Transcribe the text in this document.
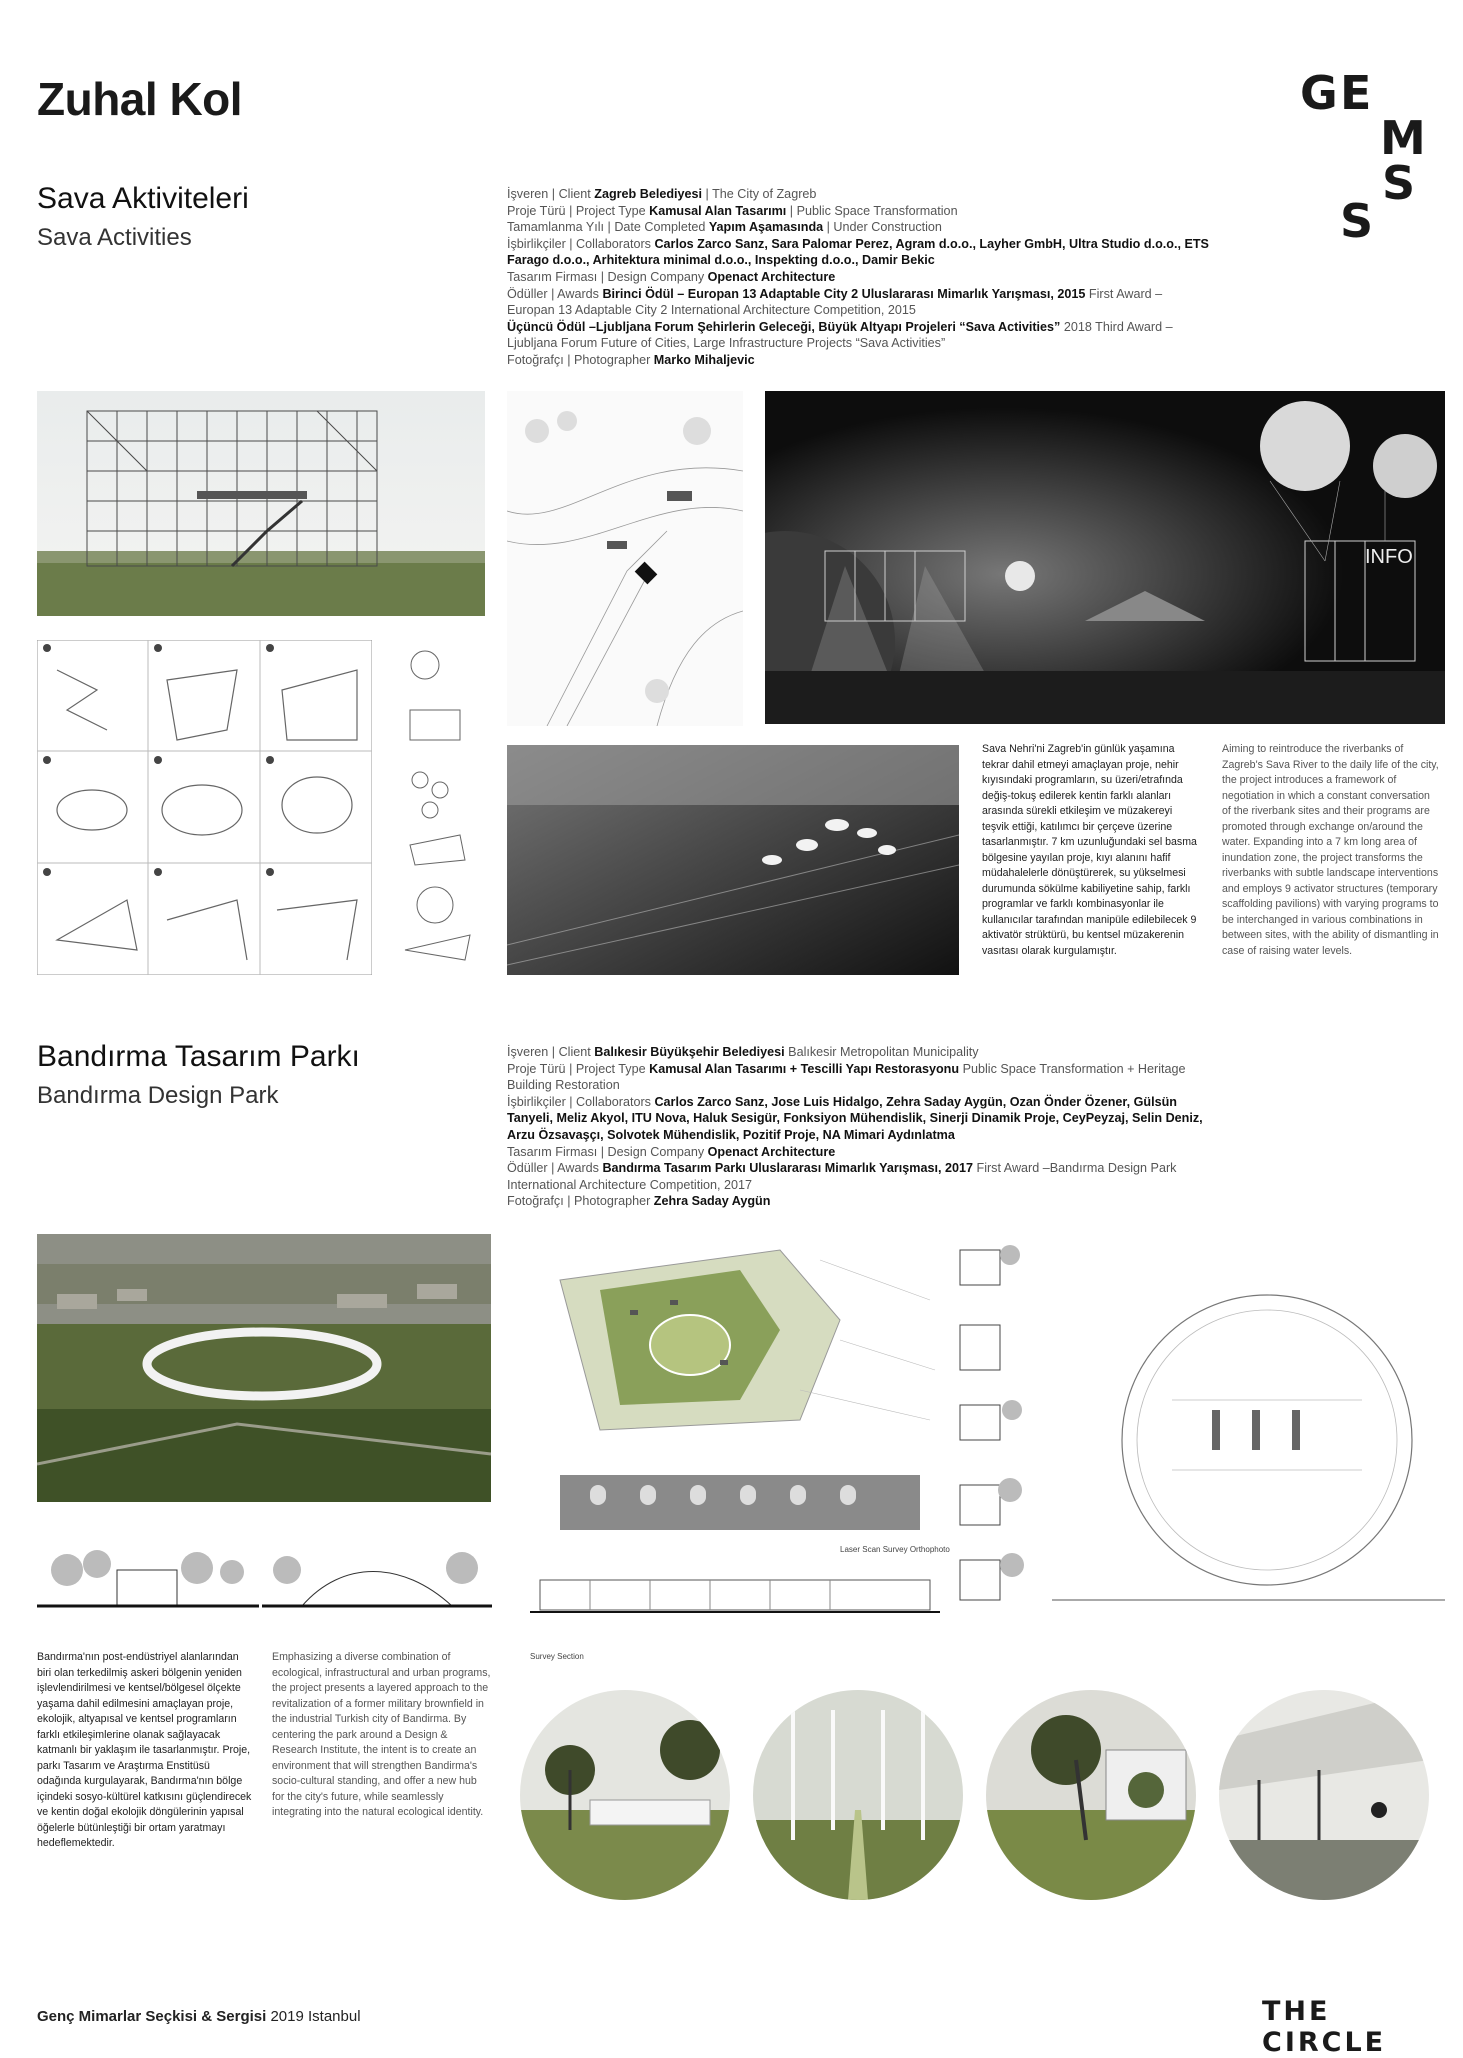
Zuhal Kol	G E
M
S
S
Sava Aktiviteleri
Sava Activities

İşveren | Client Zagreb Belediyesi | The City of Zagreb

Proje Türü | Project Type Kamusal Alan Tasarımı | Public Space Transformation

Tamamlanma Yılı | Date Completed Yapım Aşamasında | Under Construction

İşbirlikçiler | Collaborators Carlos Zarco Sanz, Sara Palomar Perez, Agram d.o.o., Layher GmbH, Ultra Studio d.o.o., ETS

Farago d.o.o., Arhitektura minimal d.o.o., Inspekting d.o.o., Damir Bekic

Tasarım Firması | Design Company Openact Architecture

Ödüller | Awards Birinci Ödül – Europan 13 Adaptable City 2 Uluslararası Mimarlık Yarışması, 2015 First Award –

Europan 13 Adaptable City 2 International Architecture Competition, 2015

Üçüncü Ödül –Ljubljana Forum Şehirlerin Geleceği, Büyük Altyapı Projeleri “Sava Activities” 2018 Third Award –

Ljubljana Forum Future of Cities, Large Infrastructure Projects “Sava Activities”

Fotoğrafçı | Photographer Marko Mihaljevic

INFO
Sava Nehri'ni Zagreb'in günlük yaşamına tekrar dahil etmeyi amaçlayan proje, nehir kıyısındaki programların, su üzeri/etrafında değiş-tokuş edilerek kentin farklı alanları arasında sürekli etkileşim ve müzakereyi teşvik ettiği, katılımcı bir çerçeve üzerine tasarlanmıştır. 7 km uzunluğundaki sel basma bölgesine yayılan proje, kıyı alanını hafif müdahalelerle dönüştürerek, su yükselmesi durumunda sökülme kabiliyetine sahip, farklı programlar ve farklı kombinasyonlar ile kullanıcılar tarafından manipüle edilebilecek 9 aktivatör strüktürü, bu kentsel müzakerenin vasıtası olarak kurgulamıştır.
Aiming to reintroduce the riverbanks of Zagreb's Sava River to the daily life of the city, the project introduces a framework of negotiation in which a constant conversation of the riverbank sites and their programs are promoted through exchange on/around the water. Expanding into a 7 km long area of inundation zone, the project transforms the riverbanks with subtle landscape interventions and employs 9 activator structures (temporary scaffolding pavilions) with varying programs to be interchanged in various combinations in between sites, with the ability of dismantling in case of raising water levels.
Bandırma Tasarım Parkı
Bandırma Design Park

İşveren | Client Balıkesir Büyükşehir Belediyesi Balıkesir Metropolitan Municipality

Proje Türü | Project Type Kamusal Alan Tasarımı + Tescilli Yapı Restorasyonu Public Space Transformation + Heritage

Building Restoration

İşbirlikçiler | Collaborators Carlos Zarco Sanz, Jose Luis Hidalgo, Zehra Saday Aygün, Ozan Önder Özener, Gülsün

Tanyeli, Meliz Akyol, ITU Nova, Haluk Sesigür, Fonksiyon Mühendislik, Sinerji Dinamik Proje, CeyPeyzaj, Selin Deniz,

Arzu Özsavaşçı, Solvotek Mühendislik, Pozitif Proje, NA Mimari Aydınlatma

Tasarım Firması | Design Company Openact Architecture

Ödüller | Awards Bandırma Tasarım Parkı Uluslararası Mimarlık Yarışması, 2017 First Award –Bandırma Design Park

International Architecture Competition, 2017

Fotoğrafçı | Photographer Zehra Saday Aygün

Laser Scan Survey Orthophoto
Bandırma'nın post-endüstriyel alanlarından biri olan terkedilmiş askeri bölgenin yeniden işlevlendirilmesi ve kentsel/bölgesel ölçekte yaşama dahil edilmesini amaçlayan proje, ekolojik, altyapısal ve kentsel programların farklı etkileşimlerine olanak sağlayacak katmanlı bir yaklaşım ile tasarlanmıştır. Proje, parkı Tasarım ve Araştırma Enstitüsü odağında kurgulayarak, Bandırma'nın bölge içindeki sosyo-kültürel katkısını güçlendirecek ve kentin doğal ekolojik döngülerinin yapısal öğelerle bütünleştiği bir ortam yaratmayı hedeflemektedir.
Emphasizing a diverse combination of ecological, infrastructural and urban programs, the project presents a layered approach to the revitalization of a former military brownfield in the industrial Turkish city of Bandirma. By centering the park around a Design & Research Institute, the intent is to create an environment that will strengthen Bandirma's socio-cultural standing, and offer a new hub for the city's future, while seamlessly integrating into the natural ecological identity.
Survey Section
Genç Mimarlar Seçkisi & Sergisi 2019 Istanbul	THE CIRCLE
